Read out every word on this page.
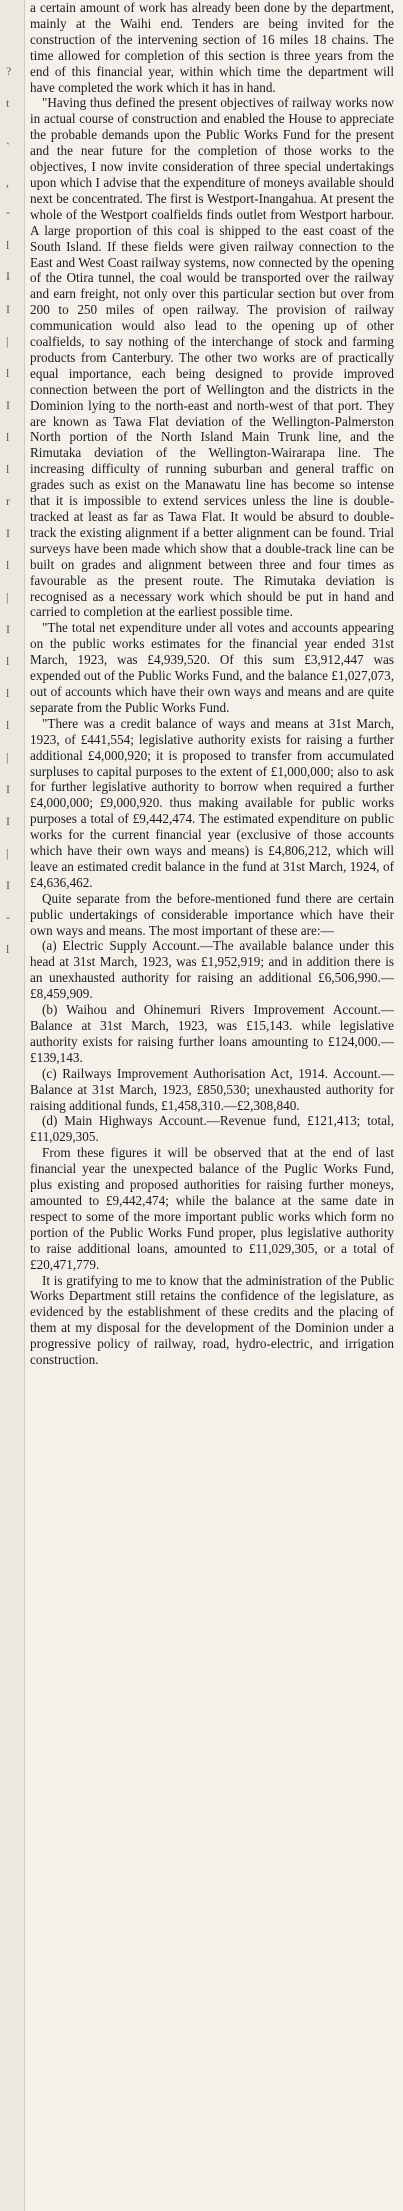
?
t
`
,
-
l
I
I
|
l
I
l
l
r
I
l
|
I
l
l
l
|
I
I
|
I
-
l

a certain amount of work has already been done by the department, mainly at the Waihi end. Tenders are being invited for the construction of the intervening section of 16 miles 18 chains. The time allowed for completion of this section is three years from the end of this financial year, within which time the department will have completed the work which it has in hand.

"Having thus defined the present objectives of railway works now in actual course of construction and enabled the House to appreciate the probable demands upon the Public Works Fund for the present and the near future for the completion of those works to the objectives, I now invite consideration of three special undertakings upon which I advise that the expenditure of moneys available should next be concentrated. The first is Westport-Inangahua. At present the whole of the Westport coalfields finds outlet from Westport harbour. A large proportion of this coal is shipped to the east coast of the South Island. If these fields were given railway connection to the East and West Coast railway systems, now connected by the opening of the Otira tunnel, the coal would be transported over the railway and earn freight, not only over this particular section but over from 200 to 250 miles of open railway. The provision of railway communication would also lead to the opening up of other coalfields, to say nothing of the interchange of stock and farming products from Canterbury. The other two works are of practically equal importance, each being designed to provide improved connection between the port of Wellington and the districts in the Dominion lying to the north-east and north-west of that port. They are known as Tawa Flat deviation of the Wellington-Palmerston North portion of the North Island Main Trunk line, and the Rimutaka deviation of the Wellington-Wairarapa line. The increasing difficulty of running suburban and general traffic on grades such as exist on the Manawatu line has become so intense that it is impossible to extend services unless the line is double-tracked at least as far as Tawa Flat. It would be absurd to double-track the existing alignment if a better alignment can be found. Trial surveys have been made which show that a double-track line can be built on grades and alignment between three and four times as favourable as the present route. The Rimutaka deviation is recognised as a necessary work which should be put in hand and carried to completion at the earliest possible time.

"The total net expenditure under all votes and accounts appearing on the public works estimates for the financial year ended 31st March, 1923, was £4,939,520. Of this sum £3,912,447 was expended out of the Public Works Fund, and the balance £1,027,073, out of accounts which have their own ways and means and are quite separate from the Public Works Fund.

"There was a credit balance of ways and means at 31st March, 1923, of £441,554; legislative authority exists for raising a further additional £4,000,920; it is proposed to transfer from accumulated surpluses to capital purposes to the extent of £1,000,000; also to ask for further legislative authority to borrow when required a further £4,000,000; £9,000,920. thus making available for public works purposes a total of £9,442,474. The estimated expenditure on public works for the current financial year (exclusive of those accounts which have their own ways and means) is £4,806,212, which will leave an estimated credit balance in the fund at 31st March, 1924, of £4,636,462.

Quite separate from the before-mentioned fund there are certain public undertakings of considerable importance which have their own ways and means. The most important of these are:—

(a) Electric Supply Account.—The available balance under this head at 31st March, 1923, was £1,952,919; and in addition there is an unexhausted authority for raising an additional £6,506,990.—£8,459,909.

(b) Waihou and Ohinemuri Rivers Improvement Account.—Balance at 31st March, 1923, was £15,143. while legislative authority exists for raising further loans amounting to £124,000.—£139,143.

(c) Railways Improvement Authorisation Act, 1914. Account.—Balance at 31st March, 1923, £850,530; unexhausted authority for raising additional funds, £1,458,310.—£2,308,840.

(d) Main Highways Account.—Revenue fund, £121,413; total, £11,029,305.

From these figures it will be observed that at the end of last financial year the unexpected balance of the Puglic Works Fund, plus existing and proposed authorities for raising further moneys, amounted to £9,442,474; while the balance at the same date in respect to some of the more important public works which form no portion of the Public Works Fund proper, plus legislative authority to raise additional loans, amounted to £11,029,305, or a total of £20,471,779.

It is gratifying to me to know that the administration of the Public Works Department still retains the confidence of the legislature, as evidenced by the establishment of these credits and the placing of them at my disposal for the development of the Dominion under a progressive policy of railway, road, hydro-electric, and irrigation construction.
